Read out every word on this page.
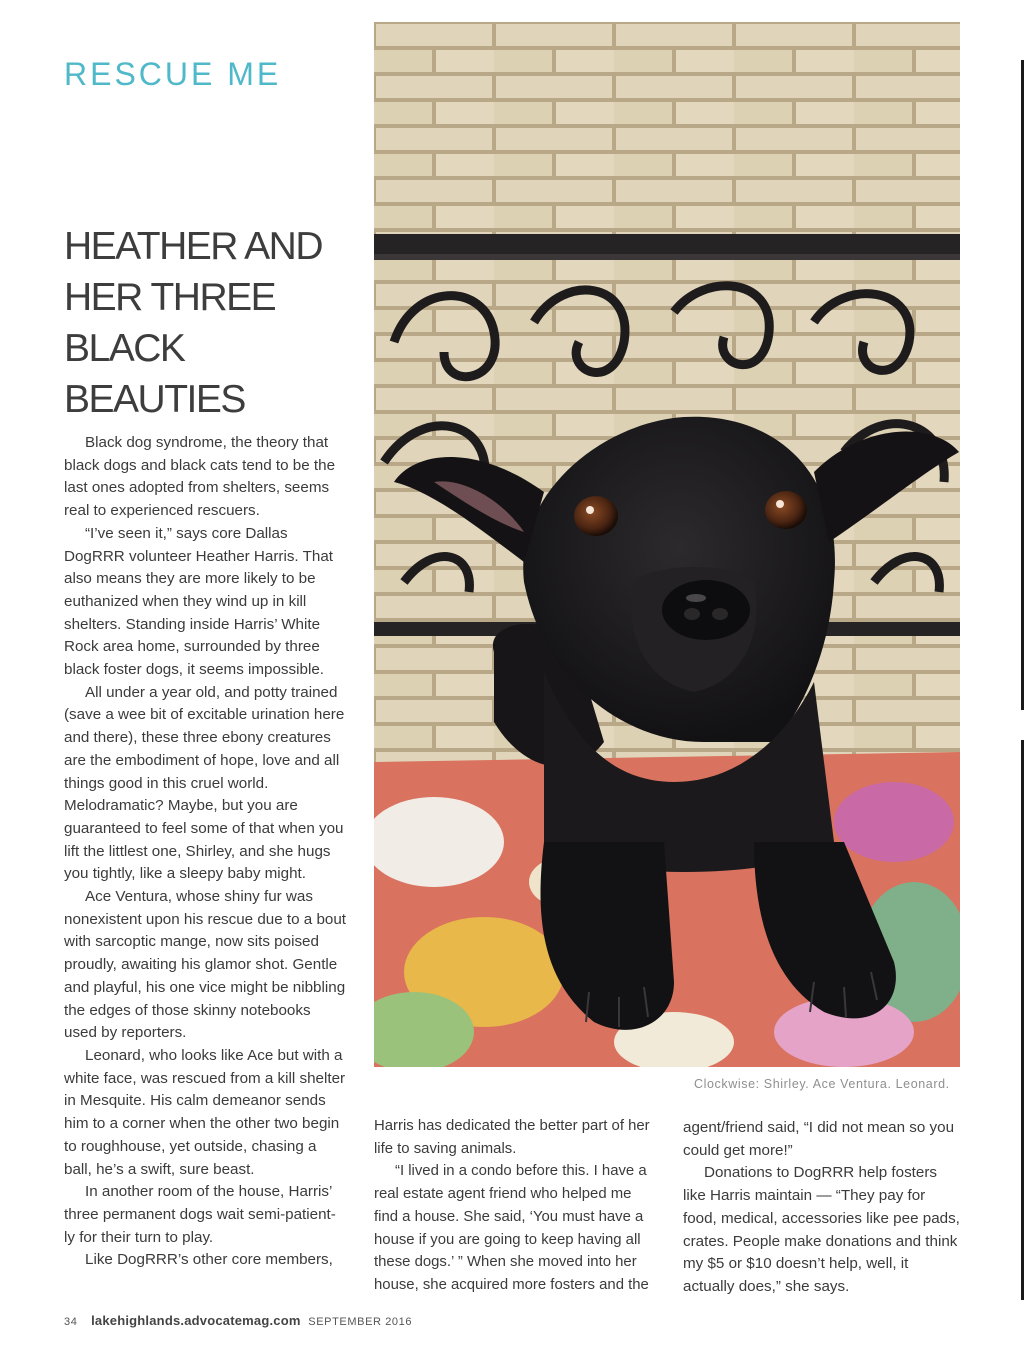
RESCUE ME
HEATHER AND
HER THREE
BLACK BEAUTIES

Black dog syndrome, the theory that black dogs and black cats tend to be the last ones adopted from shelters, seems real to experienced rescuers.

“I’ve seen it,” says core Dallas DogRRR volunteer Heather Harris. That also means they are more likely to be euthanized when they wind up in kill shelters. Standing inside Harris’ White Rock area home, surrounded by three black foster dogs, it seems impossible.

All under a year old, and potty trained (save a wee bit of excitable urination here and there), these three ebony creatures are the embodiment of hope, love and all things good in this cruel world. Melodramatic? Maybe, but you are guaranteed to feel some of that when you lift the littlest one, Shirley, and she hugs you tightly, like a sleepy baby might.

Ace Ventura, whose shiny fur was nonexistent upon his rescue due to a bout with sarcoptic mange, now sits poised proudly, awaiting his glamor shot. Gentle and playful, his one vice might be nibbling the edges of those skinny notebooks used by reporters.

Leonard, who looks like Ace but with a white face, was rescued from a kill shelter in Mesquite. His calm demeanor sends him to a corner when the other two begin to roughhouse, yet outside, chasing a ball, he’s a swift, sure beast.

In another room of the house, Harris’ three permanent dogs wait semi-patient-ly for their turn to play.

Like DogRRR’s other core members,

Clockwise: Shirley. Ace Ventura. Leonard.

Harris has dedicated the better part of her life to saving animals.

“I lived in a condo before this. I have a real estate agent friend who helped me find a house. She said, ‘You must have a house if you are going to keep having all these dogs.’ ” When she moved into her house, she acquired more fosters and the

agent/friend said, “I did not mean so you could get more!”

Donations to DogRRR help fosters like Harris maintain — “They pay for food, medical, accessories like pee pads, crates. People make donations and think my $5 or $10 doesn’t help, well, it actually does,” she says.

34 lakehighlands.advocatemag.com SEPTEMBER 2016
